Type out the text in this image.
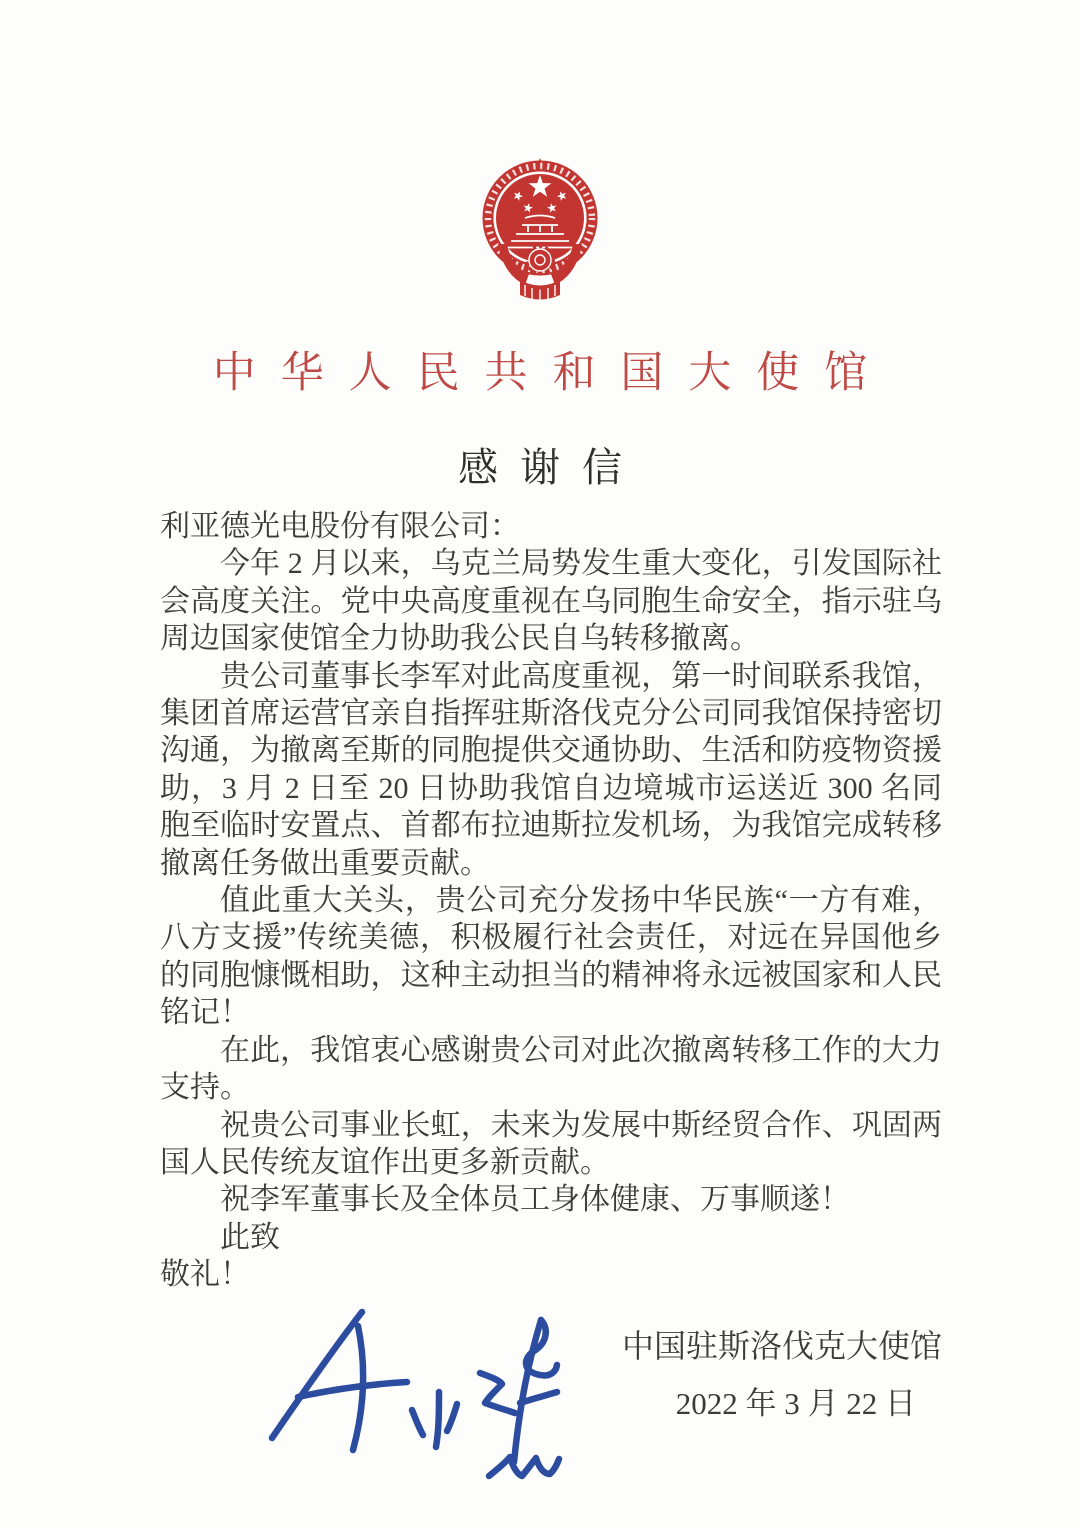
中华人民共和国大使馆
感谢信

利亚德光电股份有限公司：

今年 2 月以来，乌克兰局势发生重大变化，引发国际社会高度关注。党中央高度重视在乌同胞生命安全，指示驻乌周边国家使馆全力协助我公民自乌转移撤离。

贵公司董事长李军对此高度重视，第一时间联系我馆，集团首席运营官亲自指挥驻斯洛伐克分公司同我馆保持密切沟通，为撤离至斯的同胞提供交通协助、生活和防疫物资援助，3 月 2 日至 20 日协助我馆自边境城市运送近 300 名同胞至临时安置点、首都布拉迪斯拉发机场，为我馆完成转移撤离任务做出重要贡献。

值此重大关头，贵公司充分发扬中华民族“一方有难，八方支援”传统美德，积极履行社会责任，对远在异国他乡的同胞慷慨相助，这种主动担当的精神将永远被国家和人民铭记！

在此，我馆衷心感谢贵公司对此次撤离转移工作的大力支持。

祝贵公司事业长虹，未来为发展中斯经贸合作、巩固两国人民传统友谊作出更多新贡献。

祝李军董事长及全体员工身体健康、万事顺遂！

此致

敬礼！

中国驻斯洛伐克大使馆
2022 年 3 月 22 日
